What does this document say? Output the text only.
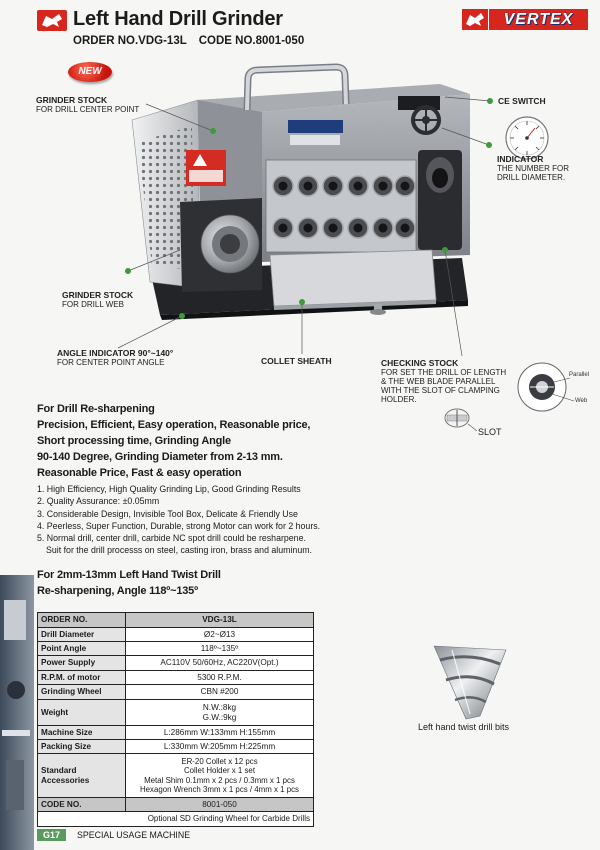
Left Hand Drill Grinder
ORDER NO.VDG-13L CODE NO.8001-050
VERTEX
NEW
GRINDER STOCK
FOR DRILL CENTER POINT
CE SWITCH
INDICATOR
THE NUMBER FOR
DRILL DIAMETER.
GRINDER STOCK
FOR DRILL WEB
ANGLE INDICATOR 90°~140°
FOR CENTER POINT ANGLE	COLLET SHEATH	CHECKING STOCK
FOR SET THE DRILL OF LENGTH
& THE WEB BLADE PARALLEL
WITH THE SLOT OF CLAMPING
HOLDER.
Parallel
Web
SLOT
For Drill Re-sharpening
Precision, Efficient, Easy operation, Reasonable price,
Short processing time, Grinding Angle
90-140 Degree, Grinding Diameter from 2-13 mm.
Reasonable Price, Fast & easy operation
1. High Efficiency, High Quality Grinding Lip, Good Grinding Results
2. Quality Assurance: ±0.05mm
3. Considerable Design, Invisible Tool Box, Delicate & Friendly Use
4. Peerless, Super Function, Durable, strong Motor can work for 2 hours.
5. Normal drill, center drill, carbide NC spot drill could be resharpene.
Suit for the drill processs on steel, casting iron, brass and aluminum.
For 2mm-13mm Left Hand Twist Drill
Re-sharpening, Angle 118º~135º
ORDER NO.	VDG-13L
Drill Diameter	Ø2~Ø13
Point Angle	118º~135º
Power Supply	AC110V 50/60Hz, AC220V(Opt.)
R.P.M. of motor	5300 R.P.M.
Grinding Wheel	CBN #200
Weight	N.W.:8kg
G.W.:9kg

Machine Size	L:286mm W:133mm H:155mm
Packing Size	L:330mm W:205mm H:225mm
Standard Accessories	ER-20 Collet x 12 pcs
Collet Holder x 1 set
Metal Shim 0.1mm x 2 pcs / 0.3mm x 1 pcs
Hexagon Wrench 3mm x 1 pcs / 4mm x 1 pcs

CODE NO.	8001-050
Optional SD Grinding Wheel for Carbide Drills	
Left hand twist drill bits
G17	SPECIAL USAGE MACHINE
